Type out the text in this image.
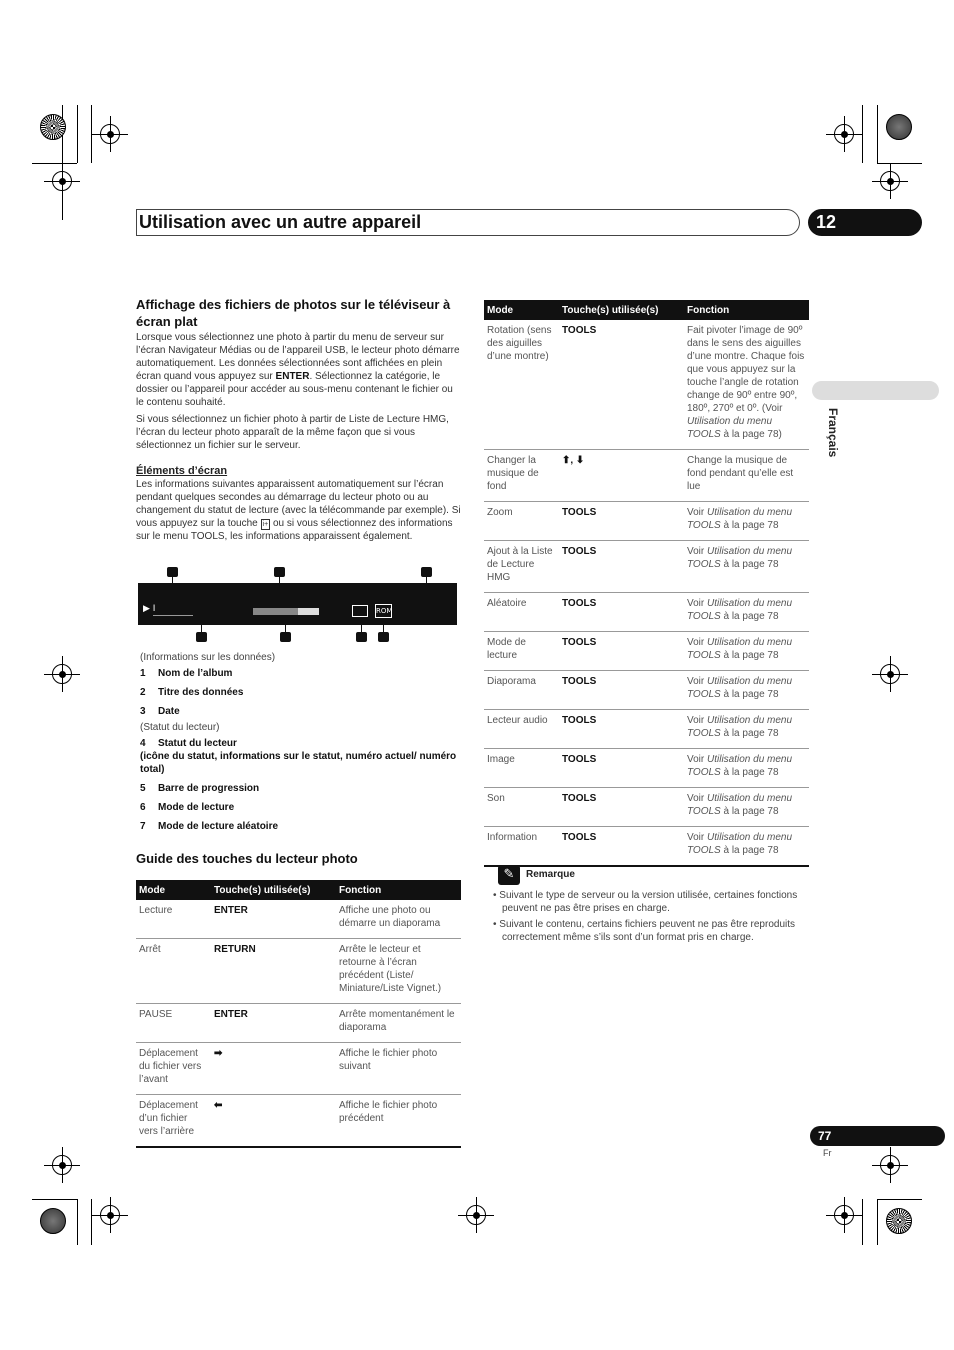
Utilisation avec un autre appareil	12
Français
Affichage des fichiers de photos sur le téléviseur à écran plat

Lorsque vous sélectionnez une photo à partir du menu de serveur sur l’écran Navigateur Médias ou de l’appareil USB, le lecteur photo démarre automatiquement. Les données sélectionnées sont affichées en plein écran quand vous appuyez sur ENTER. Sélectionnez la catégorie, le dossier ou l’appareil pour accéder au sous-menu contenant le fichier ou le contenu souhaité.

Si vous sélectionnez un fichier photo à partir de Liste de Lecture HMG, l’écran du lecteur photo apparaît de la même façon que si vous sélectionnez un fichier sur le serveur.

Éléments d’écran

Les informations suivantes apparaissent automatiquement sur l’écran pendant quelques secondes au démarrage du lecteur photo ou au changement du statut de lecture (avec la télécommande par exemple). Si vous appuyez sur la touche i+ ou si vous sélectionnez des informations sur le menu TOOLS, les informations apparaissent également.

▶ I	ROM
(Informations sur les données)
1 Nom de l’album
2 Titre des données
3 Date
(Statut du lecteur)
4 Statut du lecteur
(icône du statut, informations sur le statut, numéro actuel/ numéro total)
5 Barre de progression
6 Mode de lecture
7 Mode de lecture aléatoire
Guide des touches du lecteur photo
Mode	Touche(s) utilisée(s)	Fonction
Lecture	ENTER	Affiche une photo ou démarre un diaporama
Arrêt	RETURN	Arrête le lecteur et retourne à l’écran précédent (Liste/ Miniature/Liste Vignet.)
PAUSE	ENTER	Arrête momentanément le diaporama
Déplacement du fichier vers l’avant	➡	Affiche le fichier photo suivant
Déplacement d’un fichier vers l’arrière	⬅	Affiche le fichier photo précédent
Mode	Touche(s) utilisée(s)	Fonction
Rotation (sens des aiguilles d’une montre)	TOOLS	Fait pivoter l’image de 90º dans le sens des aiguilles d’une montre. Chaque fois que vous appuyez sur la touche l’angle de rotation change de 90º entre 90º, 180º, 270º et 0º. (Voir Utilisation du menu TOOLS à la page 78)
Changer la musique de fond	⬆, ⬇	Change la musique de fond pendant qu’elle est lue
Zoom	TOOLS	Voir Utilisation du menu TOOLS à la page 78
Ajout à la Liste de Lecture HMG	TOOLS	Voir Utilisation du menu TOOLS à la page 78
Aléatoire	TOOLS	Voir Utilisation du menu TOOLS à la page 78
Mode de lecture	TOOLS	Voir Utilisation du menu TOOLS à la page 78
Diaporama	TOOLS	Voir Utilisation du menu TOOLS à la page 78
Lecteur audio	TOOLS	Voir Utilisation du menu TOOLS à la page 78
Image	TOOLS	Voir Utilisation du menu TOOLS à la page 78
Son	TOOLS	Voir Utilisation du menu TOOLS à la page 78
Information	TOOLS	Voir Utilisation du menu TOOLS à la page 78
✎	Remarque
• Suivant le type de serveur ou la version utilisée, certaines fonctions peuvent ne pas être prises en charge.
• Suivant le contenu, certains fichiers peuvent ne pas être reproduits correctement même s’ils sont d’un format pris en charge.
77
Fr
